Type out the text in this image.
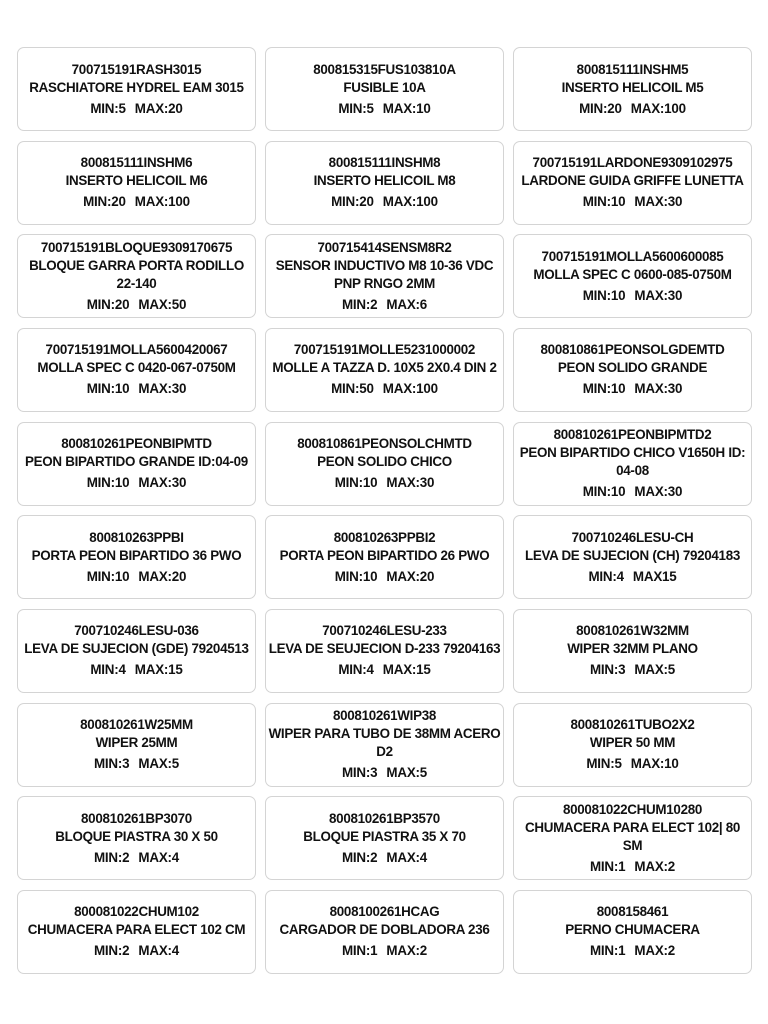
700715191RASH3015
RASCHIATORE HYDREL EAM 3015
MIN:5 MAX:20
800815315FUS103810A
FUSIBLE 10A
MIN:5 MAX:10
800815111INSHM5
INSERTO HELICOIL M5
MIN:20 MAX:100
800815111INSHM6
INSERTO HELICOIL M6
MIN:20 MAX:100
800815111INSHM8
INSERTO HELICOIL M8
MIN:20 MAX:100
700715191LARDONE9309102975
LARDONE GUIDA GRIFFE LUNETTA
MIN:10 MAX:30
700715191BLOQUE9309170675
BLOQUE GARRA PORTA RODILLO 22-140
MIN:20 MAX:50
700715414SENSM8R2
SENSOR INDUCTIVO M8 10-36 VDC PNP RNGO 2MM
MIN:2 MAX:6
700715191MOLLA5600600085
MOLLA SPEC C 0600-085-0750M
MIN:10 MAX:30
700715191MOLLA5600420067
MOLLA SPEC C 0420-067-0750M
MIN:10 MAX:30
700715191MOLLE5231000002
MOLLE A TAZZA D. 10X5 2X0.4 DIN 2
MIN:50 MAX:100
800810861PEONSOLGDEMTD
PEON SOLIDO GRANDE
MIN:10 MAX:30
800810261PEONBIPMTD
PEON BIPARTIDO GRANDE ID:04-09
MIN:10 MAX:30
800810861PEONSOLCHMTD
PEON SOLIDO CHICO
MIN:10 MAX:30
800810261PEONBIPMTD2
PEON BIPARTIDO CHICO V1650H ID: 04-08
MIN:10 MAX:30
800810263PPBI
PORTA PEON BIPARTIDO 36 PWO
MIN:10 MAX:20
800810263PPBI2
PORTA PEON BIPARTIDO 26 PWO
MIN:10 MAX:20
700710246LESU-CH
LEVA DE SUJECION (CH) 79204183
MIN:4 MAX15
700710246LESU-036
LEVA DE SUJECION (GDE) 79204513
MIN:4 MAX:15
700710246LESU-233
LEVA DE SEUJECION D-233 79204163
MIN:4 MAX:15
800810261W32MM
WIPER 32MM PLANO
MIN:3 MAX:5
800810261W25MM
WIPER 25MM
MIN:3 MAX:5
800810261WIP38
WIPER PARA TUBO DE 38MM ACERO D2
MIN:3 MAX:5
800810261TUBO2X2
WIPER 50 MM
MIN:5 MAX:10
800810261BP3070
BLOQUE PIASTRA 30 X 50
MIN:2 MAX:4
800810261BP3570
BLOQUE PIASTRA 35 X 70
MIN:2 MAX:4
800081022CHUM10280
CHUMACERA PARA ELECT 102| 80 SM
MIN:1 MAX:2
800081022CHUM102
CHUMACERA PARA ELECT 102 CM
MIN:2 MAX:4
8008100261HCAG
CARGADOR DE DOBLADORA 236
MIN:1 MAX:2
8008158461
PERNO CHUMACERA
MIN:1 MAX:2
